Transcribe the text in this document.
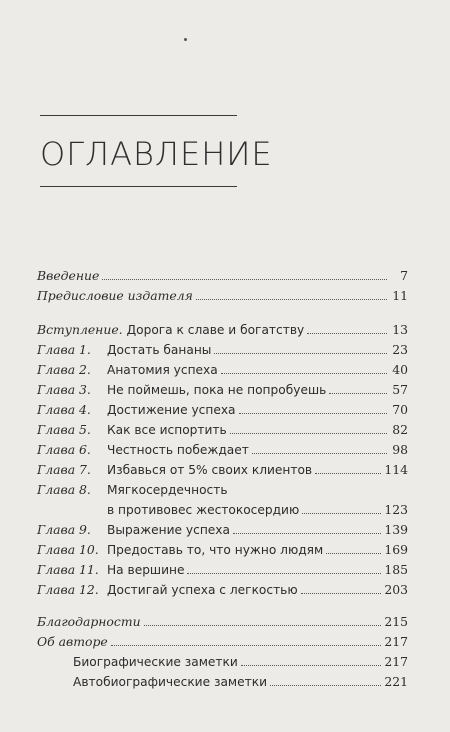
ОГЛАВЛЕНИЕ
Введение	7
Предисловие издателя	11
Вступление. Дорога к славе и богатству	13
Глава 1.	Достать бананы	23
Глава 2.	Анатомия успеха	40
Глава 3.	Не поймешь, пока не попробуешь	57
Глава 4.	Достижение успеха	70
Глава 5.	Как все испортить	82
Глава 6.	Честность побеждает	98
Глава 7.	Избавься от 5% своих клиентов	114
Глава 8.	Мягкосердечность
в противовес жестокосердию	123
Глава 9.	Выражение успеха	139
Глава 10. Предоставь то, что нужно людям	169
Глава 11. На вершине	185
Глава 12. Достигай успеха с легкостью	203
Благодарности	215
Об авторе	217
Биографические заметки	217
Автобиографические заметки	221
